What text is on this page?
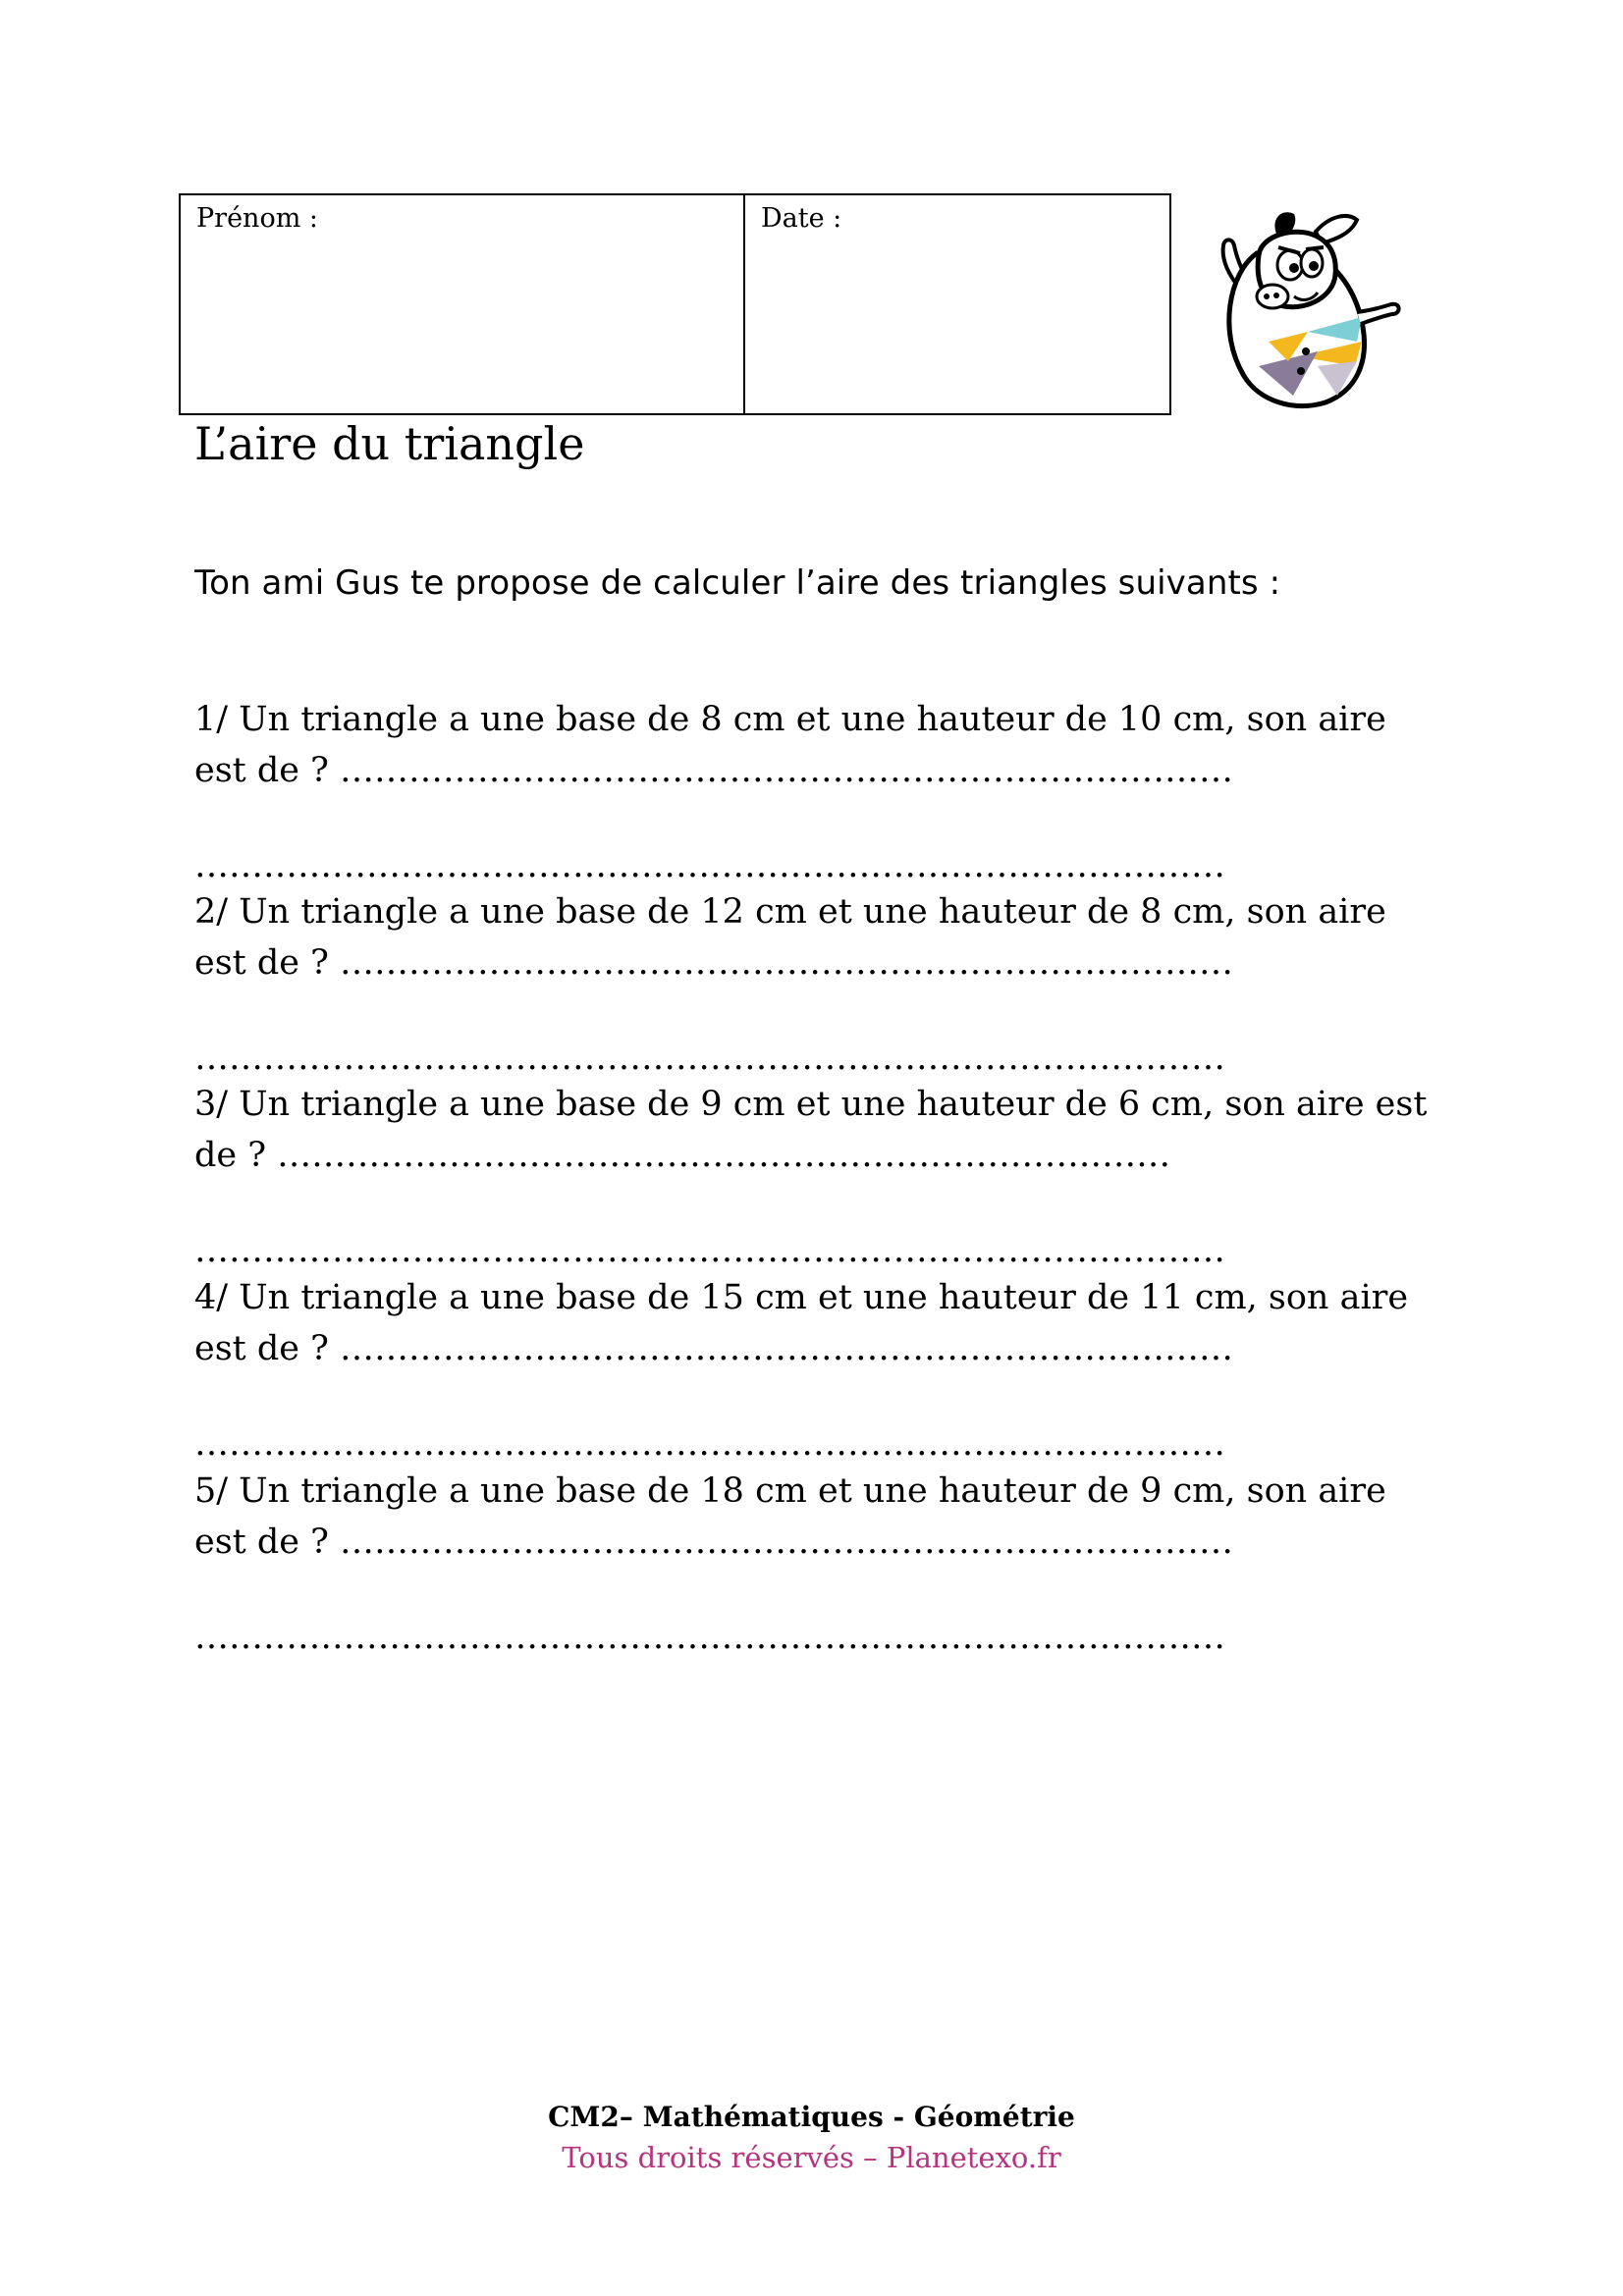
Prénom :	Date :
L’aire du triangle
Ton ami Gus te propose de calculer l’aire des triangles suivants :
1/ Un triangle a une base de 8 cm et une hauteur de 10 cm, son aire
est de ? ……………………………………………………………………
………………………………………………………………………………
2/ Un triangle a une base de 12 cm et une hauteur de 8 cm, son aire
est de ? ……………………………………………………………………
………………………………………………………………………………
3/ Un triangle a une base de 9 cm et une hauteur de 6 cm, son aire est
de ? ……………………………………………………………………
………………………………………………………………………………
4/ Un triangle a une base de 15 cm et une hauteur de 11 cm, son aire
est de ? ……………………………………………………………………
………………………………………………………………………………
5/ Un triangle a une base de 18 cm et une hauteur de 9 cm, son aire
est de ? ……………………………………………………………………
………………………………………………………………………………
CM2– Mathématiques - Géométrie
Tous droits réservés – Planetexo.fr
